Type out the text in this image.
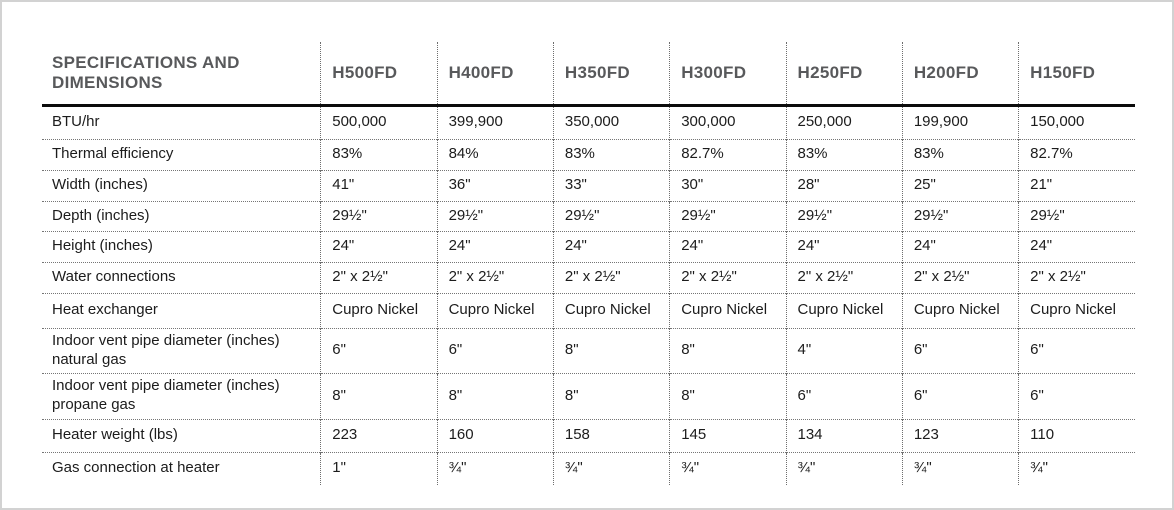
SPECIFICATIONS AND DIMENSIONS	H500FD	H400FD	H350FD	H300FD	H250FD	H200FD	H150FD
BTU/hr	500,000	399,900	350,000	300,000	250,000	199,900	150,000
Thermal efficiency	83%	84%	83%	82.7%	83%	83%	82.7%
Width (inches)	41"	36"	33"	30"	28"	25"	21"
Depth (inches)	29½"	29½"	29½"	29½"	29½"	29½"	29½"
Height (inches)	24"	24"	24"	24"	24"	24"	24"
Water connections	2" x 2½"	2" x 2½"	2" x 2½"	2" x 2½"	2" x 2½"	2" x 2½"	2" x 2½"
Heat exchanger	Cupro Nickel	Cupro Nickel	Cupro Nickel	Cupro Nickel	Cupro Nickel	Cupro Nickel	Cupro Nickel
Indoor vent pipe diameter (inches) natural gas	6"	6"	8"	8"	4"	6"	6"
Indoor vent pipe diameter (inches) propane gas	8"	8"	8"	8"	6"	6"	6"
Heater weight (lbs)	223	160	158	145	134	123	110
Gas connection at heater	1"	¾"	¾"	¾"	¾"	¾"	¾"
